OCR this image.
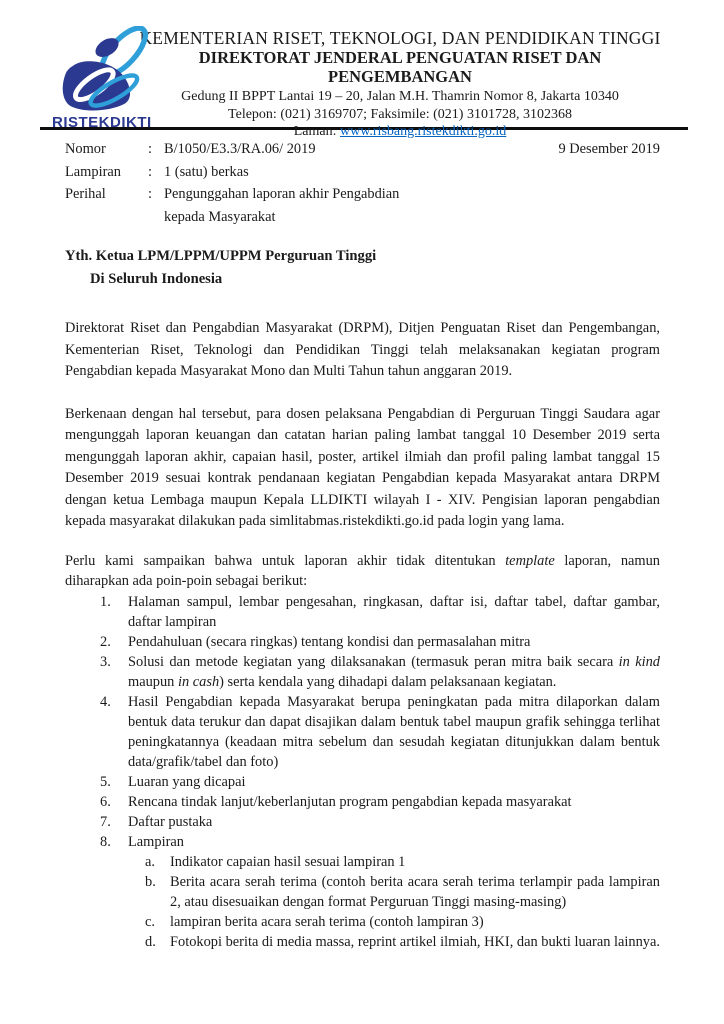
RISTEKDIKTI
KEMENTERIAN RISET, TEKNOLOGI, DAN PENDIDIKAN TINGGI
DIREKTORAT JENDERAL PENGUATAN RISET DAN PENGEMBANGAN
Gedung II BPPT Lantai 19 – 20, Jalan M.H. Thamrin Nomor 8, Jakarta 10340
Telepon: (021) 3169707; Faksimile: (021) 3101728, 3102368
Laman: www.risbang.ristekdikti.go.id
Nomor	: B/1050/E3.3/RA.06/ 2019
Lampiran	: 1 (satu) berkas
Perihal	: Pengunggahan laporan akhir Pengabdian
kepada Masyarakat
9 Desember 2019
Yth. Ketua LPM/LPPM/UPPM Perguruan Tinggi
Di Seluruh Indonesia

Direktorat Riset dan Pengabdian Masyarakat (DRPM), Ditjen Penguatan Riset dan Pengembangan, Kementerian Riset, Teknologi dan Pendidikan Tinggi telah melaksanakan kegiatan program Pengabdian kepada Masyarakat Mono dan Multi Tahun tahun anggaran 2019.

Berkenaan dengan hal tersebut, para dosen pelaksana Pengabdian di Perguruan Tinggi Saudara agar mengunggah laporan keuangan dan catatan harian paling lambat tanggal 10 Desember 2019 serta mengunggah laporan akhir, capaian hasil, poster, artikel ilmiah dan profil paling lambat tanggal 15 Desember 2019 sesuai kontrak pendanaan kegiatan Pengabdian kepada Masyarakat antara DRPM dengan ketua Lembaga maupun Kepala LLDIKTI wilayah I - XIV. Pengisian laporan pengabdian kepada masyarakat dilakukan pada simlitabmas.ristekdikti.go.id pada login yang lama.

Perlu kami sampaikan bahwa untuk laporan akhir tidak ditentukan template laporan, namun diharapkan ada poin-poin sebagai berikut:

1.	Halaman sampul, lembar pengesahan, ringkasan, daftar isi, daftar tabel, daftar gambar, daftar lampiran
2.	Pendahuluan (secara ringkas) tentang kondisi dan permasalahan mitra
3.	Solusi dan metode kegiatan yang dilaksanakan (termasuk peran mitra baik secara in kind maupun in cash) serta kendala yang dihadapi dalam pelaksanaan kegiatan.
4.	Hasil Pengabdian kepada Masyarakat berupa peningkatan pada mitra dilaporkan dalam bentuk data terukur dan dapat disajikan dalam bentuk tabel maupun grafik sehingga terlihat peningkatannya (keadaan mitra sebelum dan sesudah kegiatan ditunjukkan dalam bentuk data/grafik/tabel dan foto)
5.	Luaran yang dicapai
6.	Rencana tindak lanjut/keberlanjutan program pengabdian kepada masyarakat
7.	Daftar pustaka
8.	Lampiran
a.	Indikator capaian hasil sesuai lampiran 1
b. Berita acara serah terima (contoh berita acara serah terima terlampir pada lampiran 2, atau disesuaikan dengan format Perguruan Tinggi masing-masing)
c.	lampiran berita acara serah terima (contoh lampiran 3)
d. Fotokopi berita di media massa, reprint artikel ilmiah, HKI, dan bukti luaran lainnya.
